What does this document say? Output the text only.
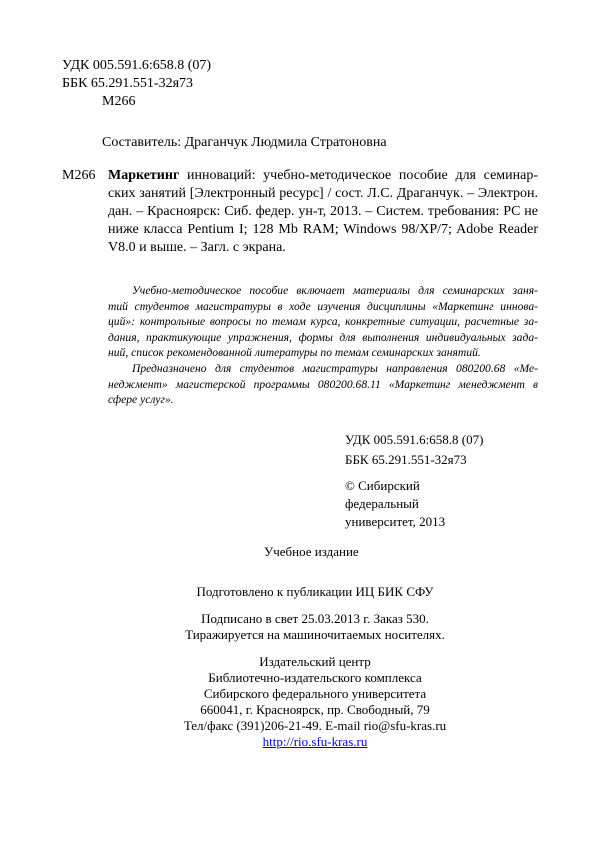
УДК 005.591.6:658.8 (07)
ББК 65.291.551-32я73
М266
Составитель: Драганчук Людмила Стратоновна
М266 Маркетинг инноваций: учебно-методическое пособие для семинар-
ских занятий [Электронный ресурс] / сост. Л.С. Драганчук. – Электрон.
дан. – Красноярск: Сиб. федер. ун-т, 2013. – Систем. требования: PC не
ниже класса Pentium I; 128 Mb RAM; Windows 98/XP/7; Adobe Reader
V8.0 и выше. – Загл. с экрана.
Учебно-методическое пособие включает материалы для семинарских заня-
тий студентов магистратуры в ходе изучения дисциплины «Маркетинг иннова-
ций»: контрольные вопросы по темам курса, конкретные ситуации, расчетные за-
дания, практикующие упражнения, формы для выполнения индивидуальных зада-
ний, список рекомендованной литературы по темам семинарских занятий.
Предназначено для студентов магистратуры направления 080200.68 «Ме-
неджмент» магистерской программы 080200.68.11 «Маркетинг менеджмент в
сфере услуг».
УДК 005.591.6:658.8 (07)
ББК 65.291.551-32я73
© Сибирский
федеральный
университет, 2013
Учебное издание
Подготовлено к публикации ИЦ БИК СФУ
Подписано в свет 25.03.2013 г. Заказ 530.
Тиражируется на машиночитаемых носителях.
Издательский центр
Библиотечно-издательского комплекса
Сибирского федерального университета
660041, г. Красноярск, пр. Свободный, 79
Тел/факс (391)206-21-49. E-mail rio@sfu-kras.ru
http://rio.sfu-kras.ru
